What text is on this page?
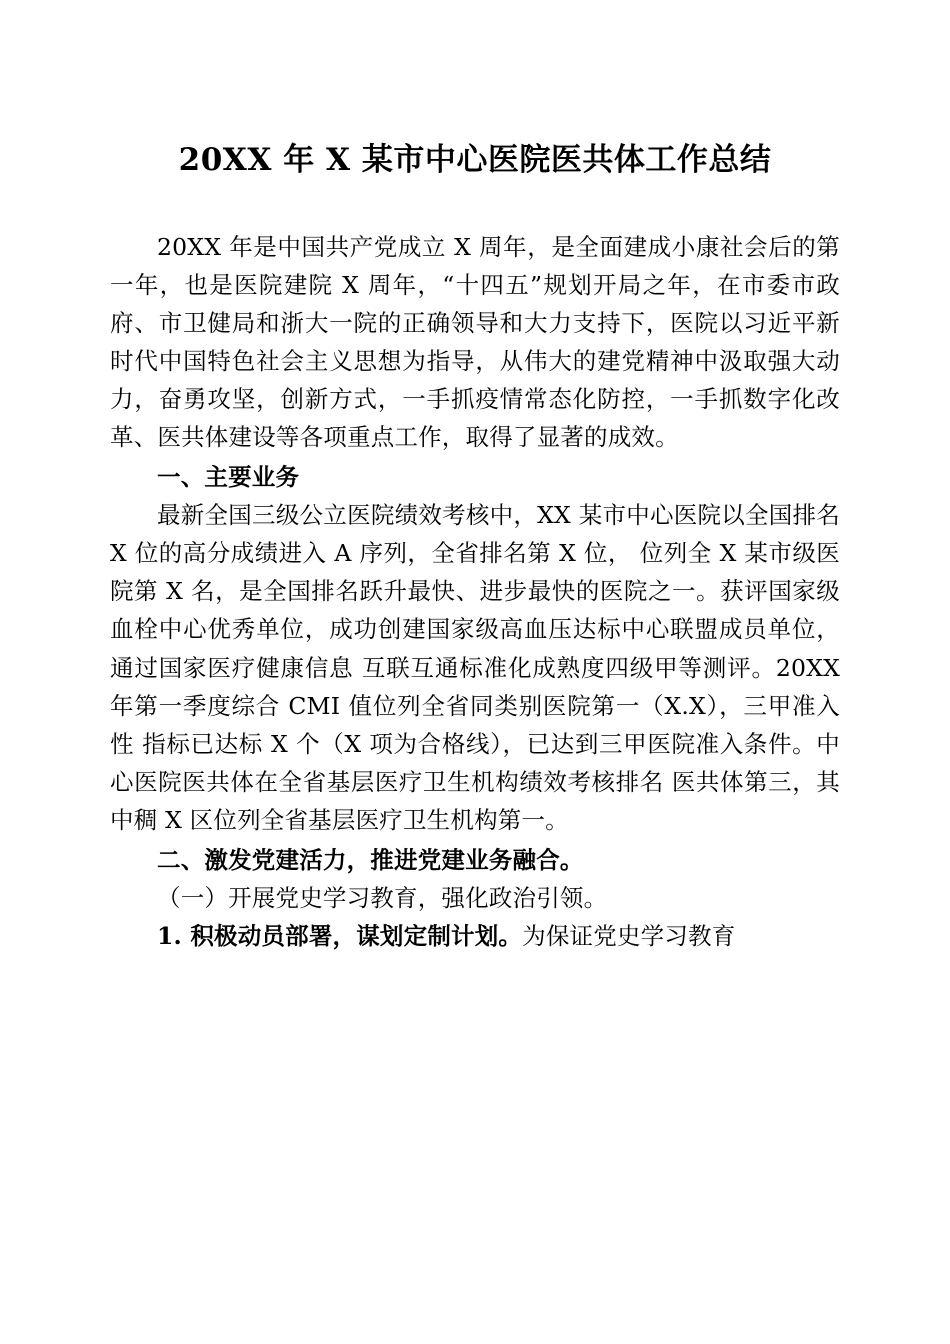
20XX 年 X 某市中心医院医共体工作总结

20XX 年是中国共产党成立 X 周年，是全面建成小康社会后的第一年，也是医院建院 X 周年，“十四五”规划开局之年，在市委市政府、市卫健局和浙大一院的正确领导和大力支持下，医院以习近平新时代中国特色社会主义思想为指导，从伟大的建党精神中汲取强大动力，奋勇攻坚，创新方式，一手抓疫情常态化防控，一手抓数字化改革、医共体建设等各项重点工作，取得了显著的成效。

一、主要业务

最新全国三级公立医院绩效考核中，XX 某市中心医院以全国排名 X 位的高分成绩进入 A 序列，全省排名第 X 位， 位列全 X 某市级医院第 X 名，是全国排名跃升最快、进步最快的医院之一。获评国家级血栓中心优秀单位，成功创建国家级高血压达标中心联盟成员单位，通过国家医疗健康信息 互联互通标准化成熟度四级甲等测评。20XX 年第一季度综合 CMI 值位列全省同类别医院第一（X.X），三甲准入性 指标已达标 X 个（X 项为合格线），已达到三甲医院准入条件。中心医院医共体在全省基层医疗卫生机构绩效考核排名 医共体第三，其中稠 X 区位列全省基层医疗卫生机构第一。

二、激发党建活力，推进党建业务融合。

（一）开展党史学习教育，强化政治引领。

1. 积极动员部署，谋划定制计划。为保证党史学习教育
